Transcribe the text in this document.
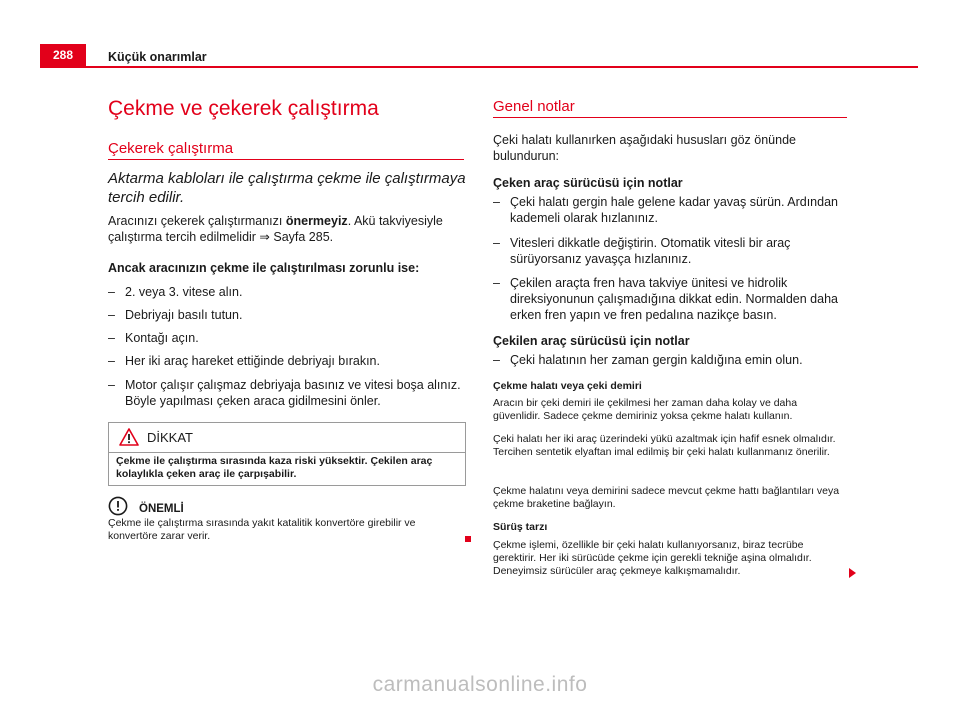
288	Küçük onarımlar
Çekme ve çekerek çalıştırma
Çekerek çalıştırma
Aktarma kabloları ile çalıştırma çekme ile çalıştırmaya tercih edilir.
Aracınızı çekerek çalıştırmanızı önermeyiz. Akü takviyesiyle çalıştırma tercih edilmelidir ⇒ Sayfa 285.
Ancak aracınızın çekme ile çalıştırılması zorunlu ise:
– 2. veya 3. vitese alın.
– Debriyajı basılı tutun.
– Kontağı açın.
– Her iki araç hareket ettiğinde debriyajı bırakın.
– Motor çalışır çalışmaz debriyaja basınız ve vitesi boşa alınız. Böyle yapılması çeken araca gidilmesini önler.
DİKKAT
Çekme ile çalıştırma sırasında kaza riski yüksektir. Çekilen araç kolaylıkla çeken araç ile çarpışabilir.
ÖNEMLİ
Çekme ile çalıştırma sırasında yakıt katalitik konvertöre girebilir ve konvertöre zarar verir.
Genel notlar
Çeki halatı kullanırken aşağıdaki hususları göz önünde bulundurun:
Çeken araç sürücüsü için notlar
– Çeki halatı gergin hale gelene kadar yavaş sürün. Ardından kademeli olarak hızlanınız.
– Vitesleri dikkatle değiştirin. Otomatik vitesli bir araç sürüyorsanız yavaşça hızlanınız.
– Çekilen araçta fren hava takviye ünitesi ve hidrolik direksiyonunun çalışmadığına dikkat edin. Normalden daha erken fren yapın ve fren pedalına nazikçe basın.
Çekilen araç sürücüsü için notlar
– Çeki halatının her zaman gergin kaldığına emin olun.
Çekme halatı veya çeki demiri
Aracın bir çeki demiri ile çekilmesi her zaman daha kolay ve daha güvenlidir. Sadece çekme demiriniz yoksa çekme halatı kullanın.
Çeki halatı her iki araç üzerindeki yükü azaltmak için hafif esnek olmalıdır. Tercihen sentetik elyaftan imal edilmiş bir çeki halatı kullanmanız önerilir.
Çekme halatını veya demirini sadece mevcut çekme hattı bağlantıları veya çekme braketine bağlayın.
Sürüş tarzı
Çekme işlemi, özellikle bir çeki halatı kullanıyorsanız, biraz tecrübe gerektirir. Her iki sürücüde çekme için gerekli tekniğe aşina olmalıdır. Deneyimsiz sürücüler araç çekmeye kalkışmamalıdır.
carmanualsonline.info
